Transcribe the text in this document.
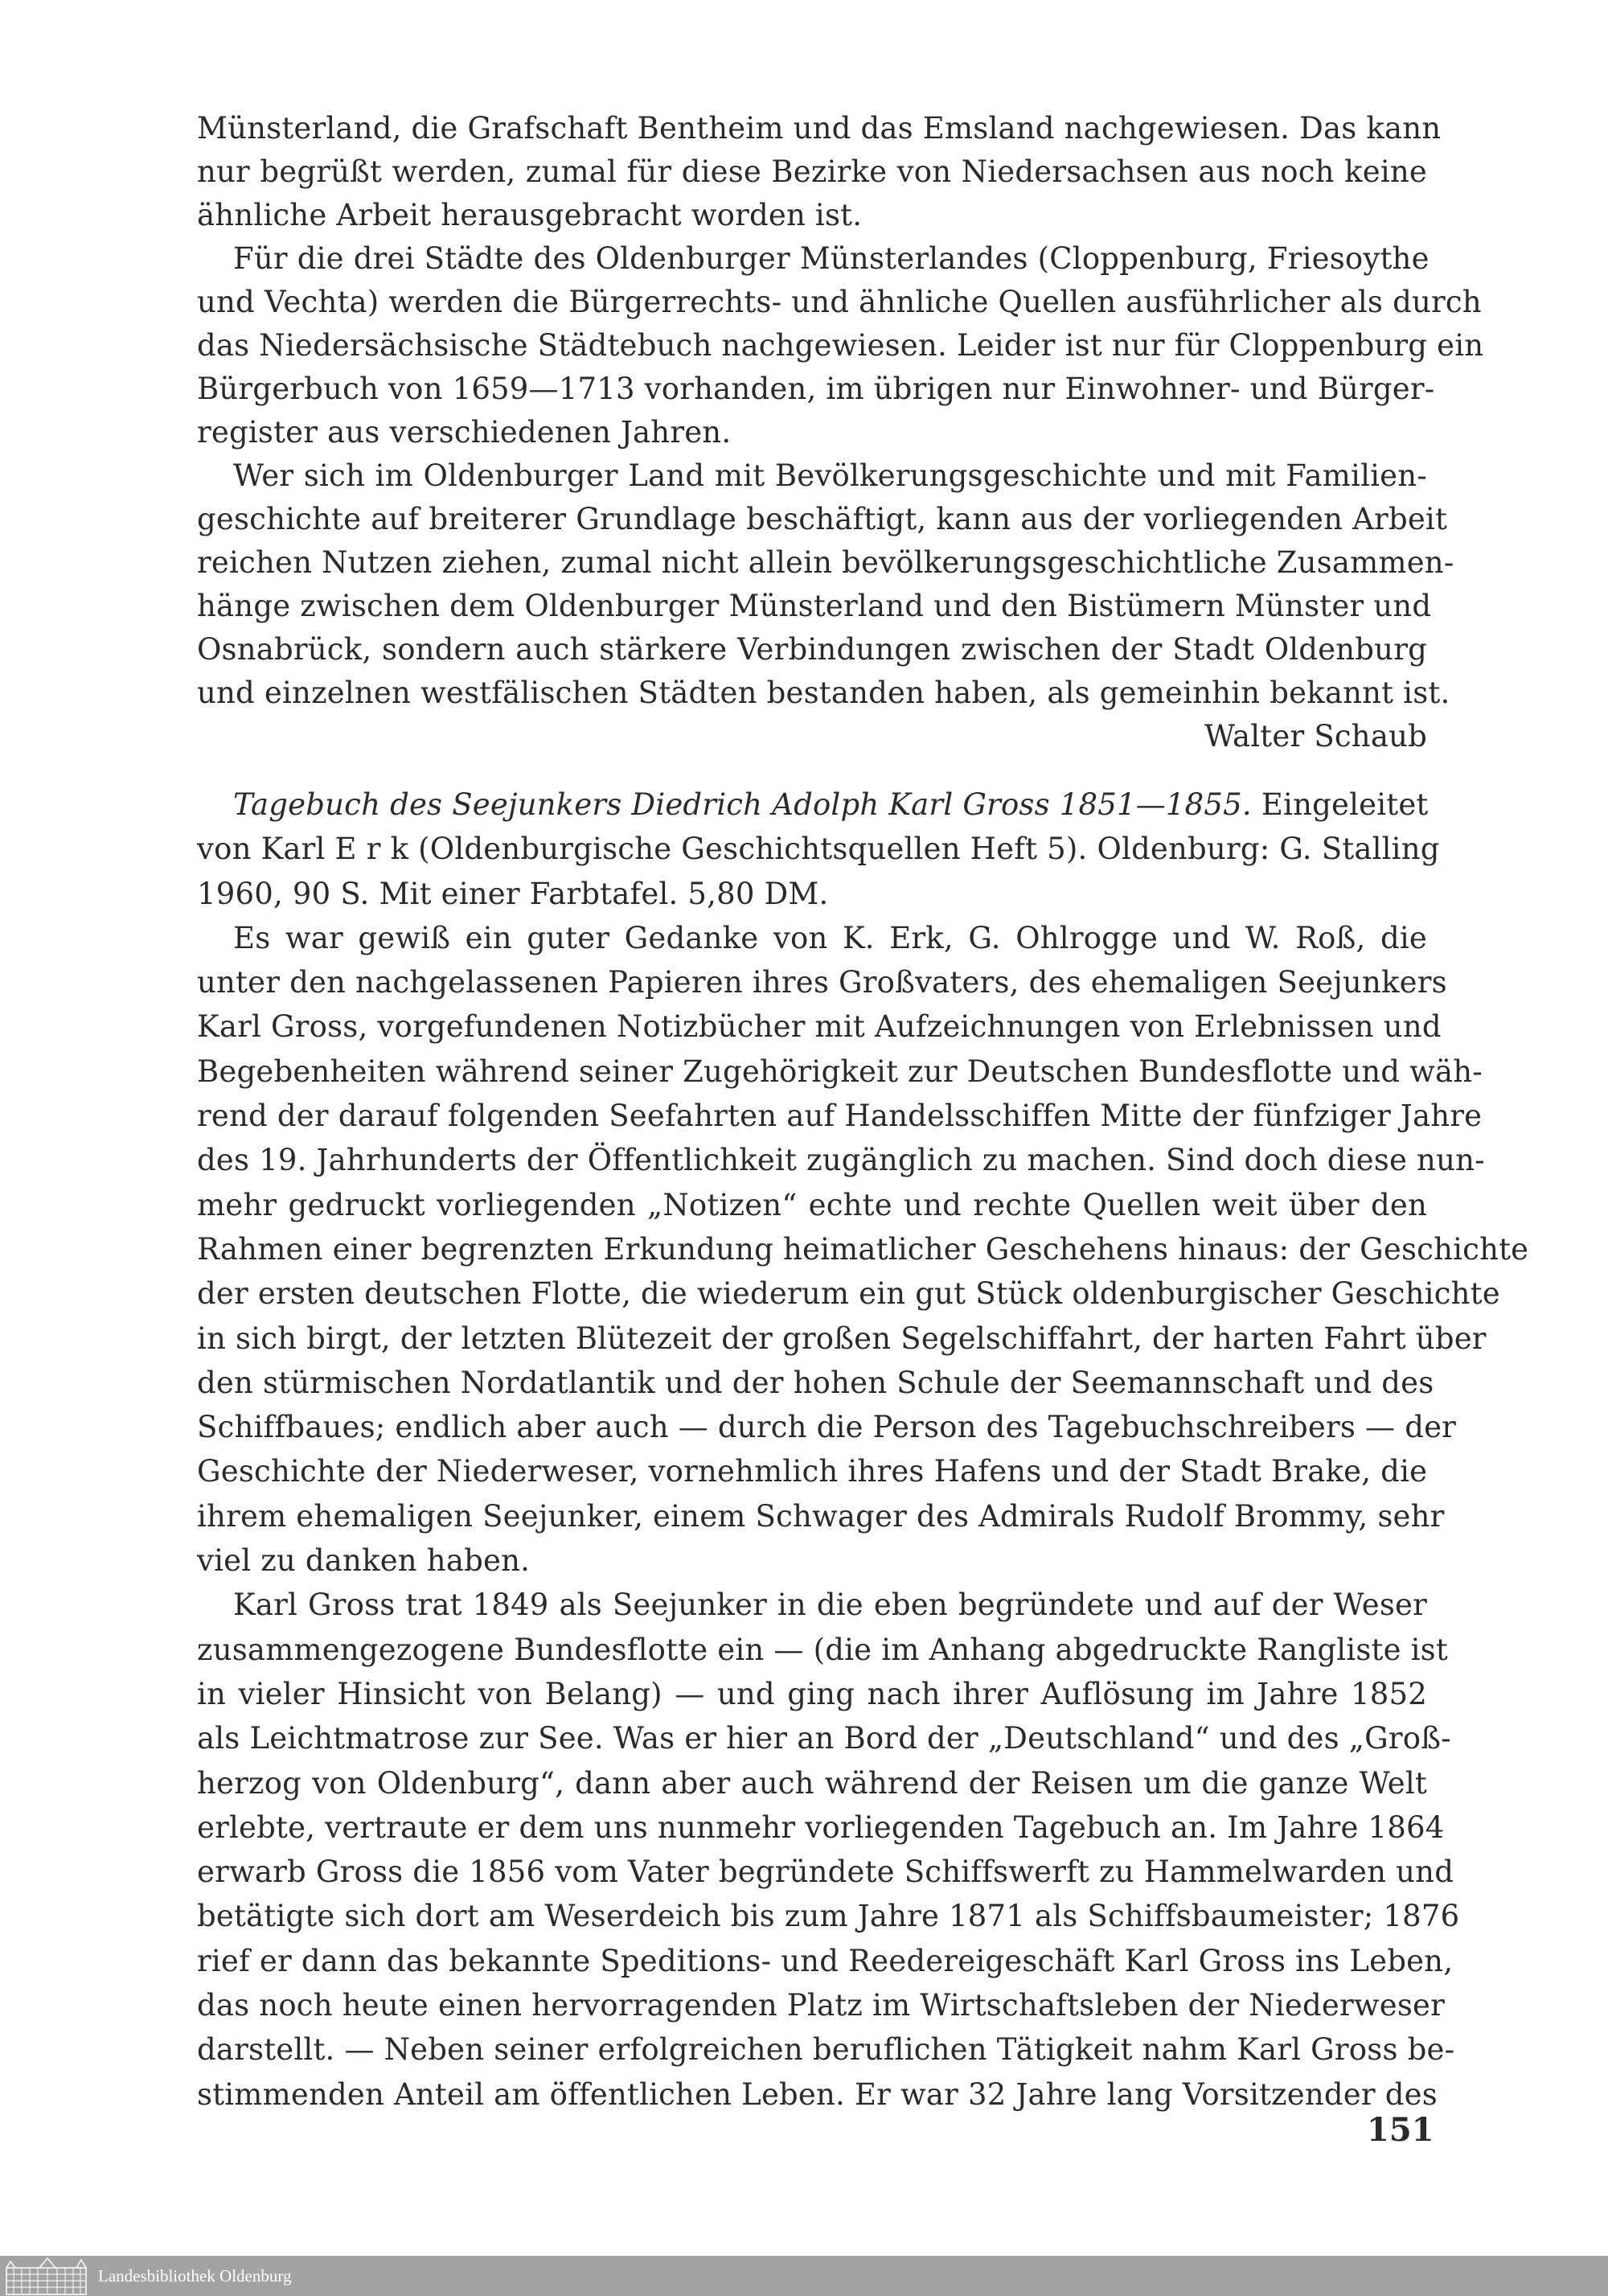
Münsterland, die Grafschaft Bentheim und das Emsland nachgewiesen. Das kann
nur begrüßt werden, zumal für diese Bezirke von Niedersachsen aus noch keine
ähnliche Arbeit herausgebracht worden ist.
Für die drei Städte des Oldenburger Münsterlandes (Cloppenburg, Friesoythe
und Vechta) werden die Bürgerrechts- und ähnliche Quellen ausführlicher als durch
das Niedersächsische Städtebuch nachgewiesen. Leider ist nur für Cloppenburg ein
Bürgerbuch von 1659—1713 vorhanden, im übrigen nur Einwohner- und Bürger-
register aus verschiedenen Jahren.
Wer sich im Oldenburger Land mit Bevölkerungsgeschichte und mit Familien-
geschichte auf breiterer Grundlage beschäftigt, kann aus der vorliegenden Arbeit
reichen Nutzen ziehen, zumal nicht allein bevölkerungsgeschichtliche Zusammen-
hänge zwischen dem Oldenburger Münsterland und den Bistümern Münster und
Osnabrück, sondern auch stärkere Verbindungen zwischen der Stadt Oldenburg
und einzelnen westfälischen Städten bestanden haben, als gemeinhin bekannt ist.
Walter Schaub
Tagebuch des Seejunkers Diedrich Adolph Karl Gross 1851—1855. Eingeleitet
von Karl E r k (Oldenburgische Geschichtsquellen Heft 5). Oldenburg: G. Stalling
1960, 90 S. Mit einer Farbtafel. 5,80 DM.
Es war gewiß ein guter Gedanke von K. Erk, G. Ohlrogge und W. Roß, die
unter den nachgelassenen Papieren ihres Großvaters, des ehemaligen Seejunkers
Karl Gross, vorgefundenen Notizbücher mit Aufzeichnungen von Erlebnissen und
Begebenheiten während seiner Zugehörigkeit zur Deutschen Bundesflotte und wäh-
rend der darauf folgenden Seefahrten auf Handelsschiffen Mitte der fünfziger Jahre
des 19. Jahrhunderts der Öffentlichkeit zugänglich zu machen. Sind doch diese nun-
mehr gedruckt vorliegenden „Notizen“ echte und rechte Quellen weit über den
Rahmen einer begrenzten Erkundung heimatlicher Geschehens hinaus: der Geschichte
der ersten deutschen Flotte, die wiederum ein gut Stück oldenburgischer Geschichte
in sich birgt, der letzten Blütezeit der großen Segelschiffahrt, der harten Fahrt über
den stürmischen Nordatlantik und der hohen Schule der Seemannschaft und des
Schiffbaues; endlich aber auch — durch die Person des Tagebuchschreibers — der
Geschichte der Niederweser, vornehmlich ihres Hafens und der Stadt Brake, die
ihrem ehemaligen Seejunker, einem Schwager des Admirals Rudolf Brommy, sehr
viel zu danken haben.
Karl Gross trat 1849 als Seejunker in die eben begründete und auf der Weser
zusammengezogene Bundesflotte ein — (die im Anhang abgedruckte Rangliste ist
in vieler Hinsicht von Belang) — und ging nach ihrer Auflösung im Jahre 1852
als Leichtmatrose zur See. Was er hier an Bord der „Deutschland“ und des „Groß-
herzog von Oldenburg“, dann aber auch während der Reisen um die ganze Welt
erlebte, vertraute er dem uns nunmehr vorliegenden Tagebuch an. Im Jahre 1864
erwarb Gross die 1856 vom Vater begründete Schiffswerft zu Hammelwarden und
betätigte sich dort am Weserdeich bis zum Jahre 1871 als Schiffsbaumeister; 1876
rief er dann das bekannte Speditions- und Reedereigeschäft Karl Gross ins Leben,
das noch heute einen hervorragenden Platz im Wirtschaftsleben der Niederweser
darstellt. — Neben seiner erfolgreichen beruflichen Tätigkeit nahm Karl Gross be-
stimmenden Anteil am öffentlichen Leben. Er war 32 Jahre lang Vorsitzender des
151
Landesbibliothek Oldenburg
